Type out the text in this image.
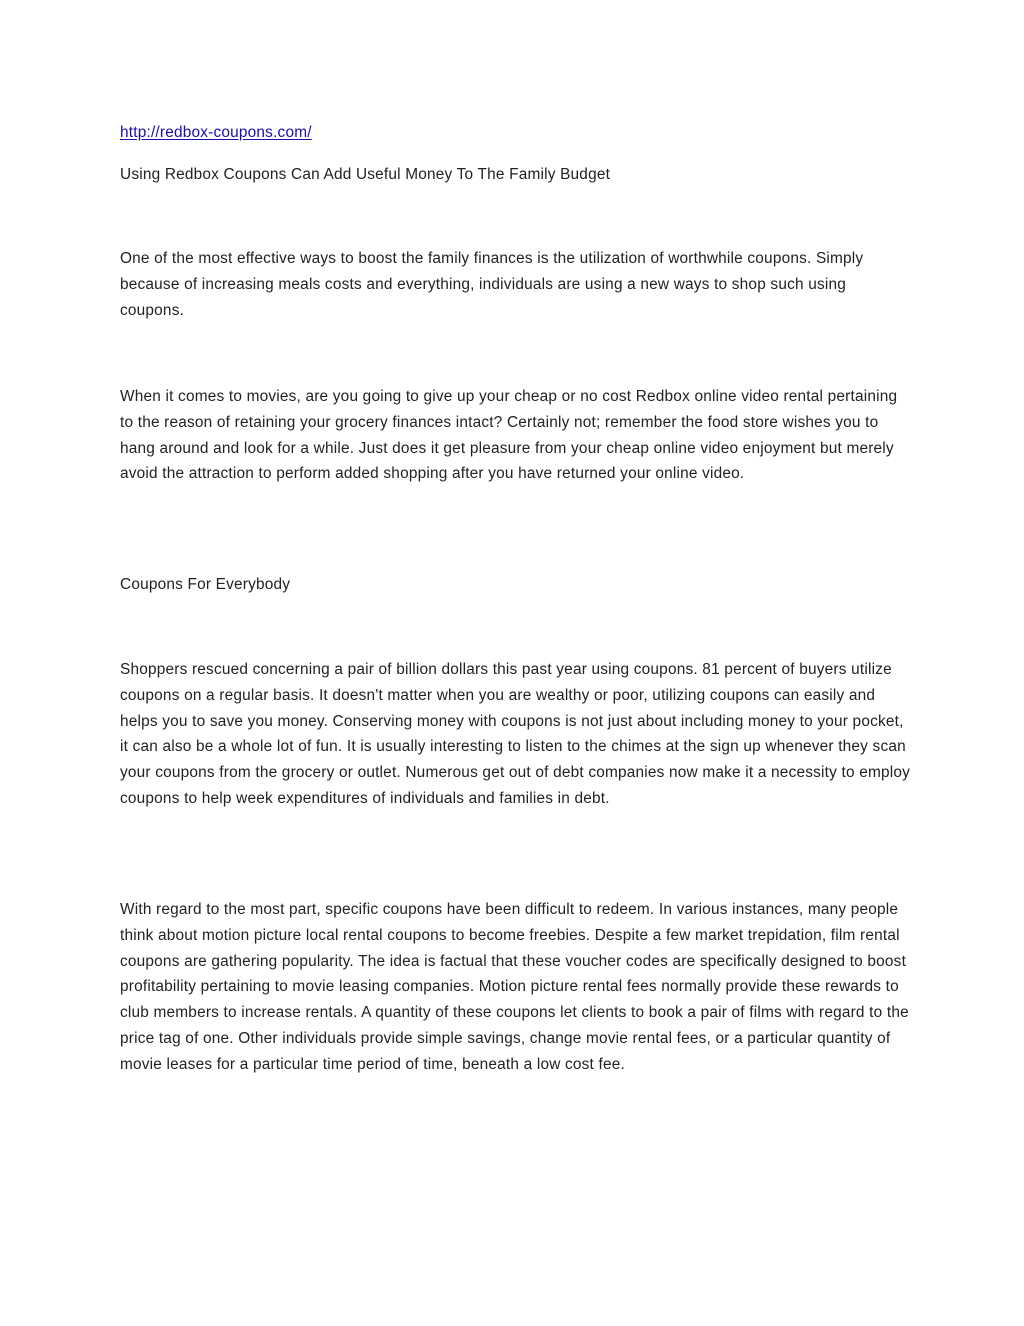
http://redbox-coupons.com/

Using Redbox Coupons Can Add Useful Money To The Family Budget

One of the most effective ways to boost the family finances is the utilization of worthwhile coupons. Simply because of increasing meals costs and everything, individuals are using a new ways to shop such using coupons.

When it comes to movies, are you going to give up your cheap or no cost Redbox online video rental pertaining to the reason of retaining your grocery finances intact? Certainly not; remember the food store wishes you to hang around and look for a while. Just does it get pleasure from your cheap online video enjoyment but merely avoid the attraction to perform added shopping after you have returned your online video.

Coupons For Everybody

Shoppers rescued concerning a pair of billion dollars this past year using coupons. 81 percent of buyers utilize coupons on a regular basis. It doesn't matter when you are wealthy or poor, utilizing coupons can easily and helps you to save you money. Conserving money with coupons is not just about including money to your pocket, it can also be a whole lot of fun. It is usually interesting to listen to the chimes at the sign up whenever they scan your coupons from the grocery or outlet. Numerous get out of debt companies now make it a necessity to employ coupons to help week expenditures of individuals and families in debt.

With regard to the most part, specific coupons have been difficult to redeem. In various instances, many people think about motion picture local rental coupons to become freebies. Despite a few market trepidation, film rental coupons are gathering popularity. The idea is factual that these voucher codes are specifically designed to boost profitability pertaining to movie leasing companies. Motion picture rental fees normally provide these rewards to club members to increase rentals. A quantity of these coupons let clients to book a pair of films with regard to the price tag of one. Other individuals provide simple savings, change movie rental fees, or a particular quantity of movie leases for a particular time period of time, beneath a low cost fee.
